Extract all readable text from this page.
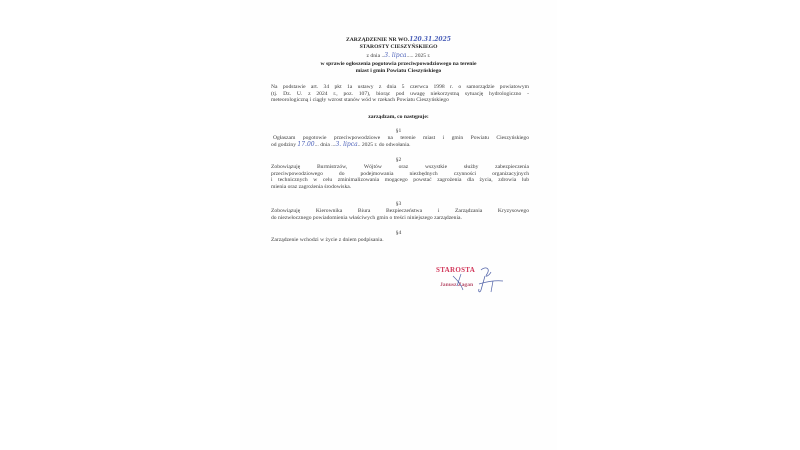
ZARZĄDZENIE NR WO.120.31.2025
STAROSTY CIESZYŃSKIEGO
z dnia ..3. lipca..... 2025 r.
w sprawie ogłoszenia pogotowia przeciwpowodziowego na terenie
miast i gmin Powiatu Cieszyńskiego
Na podstawie art. 34 pkt 1a ustawy z dnia 5 czerwca 1998 r. o samorządzie powiatowym
(tj. Dz. U. z 2024 r., poz. 107), biorąc pod uwagę niekorzystną sytuację hydrologiczno -
meteorologiczną i ciągły wzrost stanów wód w rzekach Powiatu Cieszyńskiego
zarządzam, co następuje:
§1
Ogłaszam pogotowie przeciwpowodziowe na terenie miast i gmin Powiatu Cieszyńskiego
od godziny 17.00... dnia ...3. lipca.. 2025 r. do odwołania.
§2
Zobowiązuję Burmistrzów, Wójtów oraz wszystkie służby zabezpieczenia
przeciwpowodziowego do podejmowania niezbędnych czynności organizacyjnych
i technicznych w celu zminimalizowania mogącego powstać zagrożenia dla życia, zdrowia lub
mienia oraz zagrożenia środowiska.
§3
Zobowiązuję Kierownika Biura Bezpieczeństwa i Zarządzania Kryzysowego
do niezwłocznego powiadomienia właściwych gmin o treści niniejszego zarządzenia.
§4
Zarządzenie wchodzi w życie z dniem podpisania.
STAROSTA
Janusz Zagan
